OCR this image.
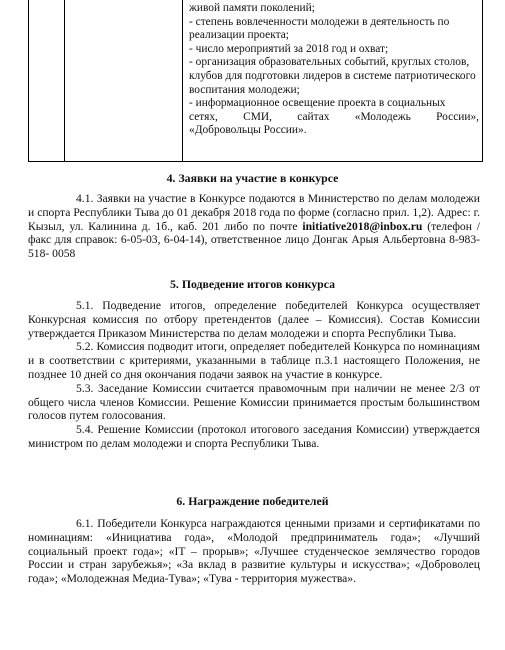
живой памяти поколений;

- степень вовлеченности молодежи в деятельность по

реализации проекта;

- число мероприятий за 2018 год и охват;

- организация образовательных событий, круглых столов,

клубов для подготовки лидеров в системе патриотического

воспитания молодежи;

- информационное освещение проекта в социальных

сетях, СМИ, сайтах «Молодежь России»,

«Добровольцы России».

4. Заявки на участие в конкурсе

4.1. Заявки на участие в Конкурсе подаются в Министерство по делам молодежи и спорта Республики Тыва до 01 декабря 2018 года по форме (согласно прил. 1,2). Адрес: г. Кызыл, ул. Калинина д. 1б., каб. 201 либо по почте initiative2018@inbox.ru (телефон / факс для справок: 6-05-03, 6-04-14), ответственное лицо Донгак Арыя Альбертовна 8-983- 518- 0058

5. Подведение итогов конкурса

5.1. Подведение итогов, определение победителей Конкурса осуществляет Конкурсная комиссия по отбору претендентов (далее – Комиссия). Состав Комиссии утверждается Приказом Министерства по делам молодежи и спорта Республики Тыва.

5.2. Комиссия подводит итоги, определяет победителей Конкурса по номинациям и в соответствии с критериями, указанными в таблице п.3.1 настоящего Положения, не позднее 10 дней со дня окончания подачи заявок на участие в конкурсе.

5.3. Заседание Комиссии считается правомочным при наличии не менее 2/3 от общего числа членов Комиссии. Решение Комиссии принимается простым большинством голосов путем голосования.

5.4. Решение Комиссии (протокол итогового заседания Комиссии) утверждается министром по делам молодежи и спорта Республики Тыва.

6. Награждение победителей

6.1. Победители Конкурса награждаются ценными призами и сертификатами по номинациям: «Инициатива года», «Молодой предприниматель года»; «Лучший социальный проект года»; «IT – прорыв»; «Лучшее студенческое землячество городов России и стран зарубежья»; «За вклад в развитие культуры и искусства»; «Доброволец года»; «Молодежная Медиа-Тува»; «Тува - территория мужества».
